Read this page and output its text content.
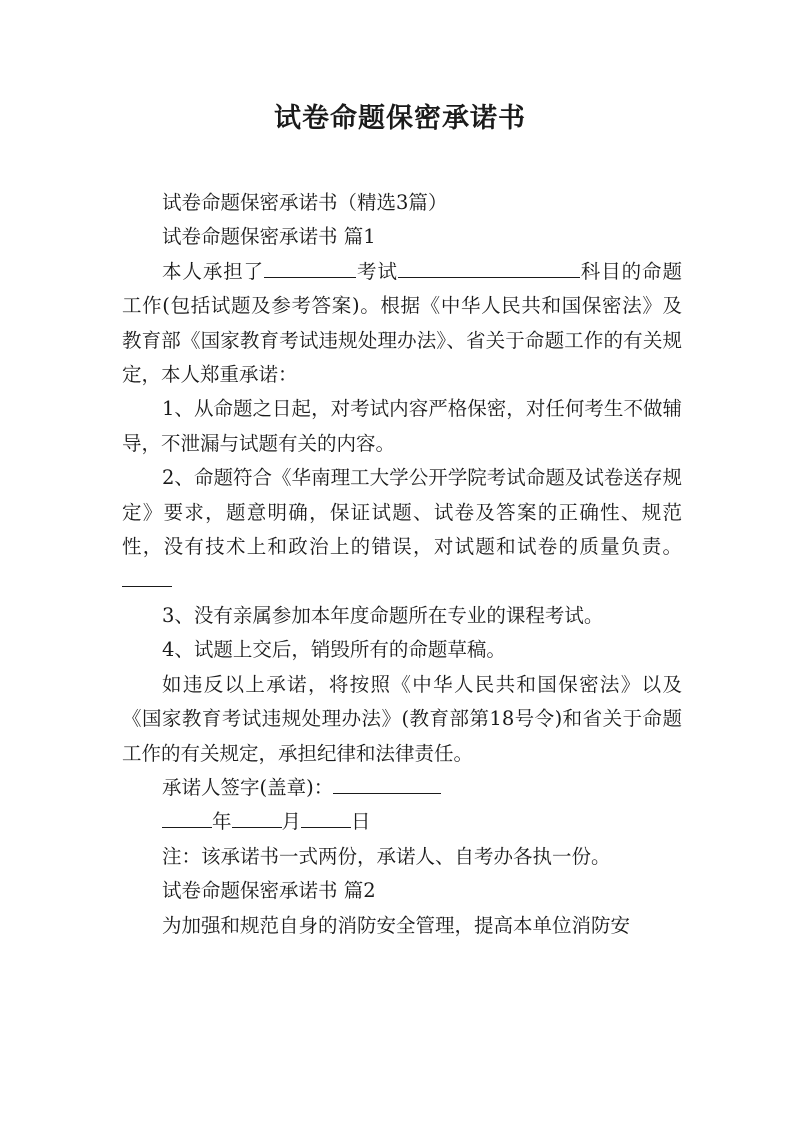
试卷命题保密承诺书

试卷命题保密承诺书（精选3篇）

试卷命题保密承诺书 篇1

本人承担了	考试	科目的命题工作(包括试题及参考答案)。根据《中华人民共和国保密法》及教育部《国家教育考试违规处理办法》、省关于命题工作的有关规定，本人郑重承诺：

1、从命题之日起，对考试内容严格保密，对任何考生不做辅导，不泄漏与试题有关的内容。

2、命题符合《华南理工大学公开学院考试命题及试卷送存规定》要求，题意明确，保证试题、试卷及答案的正确性、规范性，没有技术上和政治上的错误，对试题和试卷的质量负责。

3、没有亲属参加本年度命题所在专业的课程考试。

4、试题上交后，销毁所有的命题草稿。

如违反以上承诺，将按照《中华人民共和国保密法》以及《国家教育考试违规处理办法》(教育部第18号令)和省关于命题工作的有关规定，承担纪律和法律责任。

承诺人签字(盖章)：

年	月	日

注：该承诺书一式两份，承诺人、自考办各执一份。

试卷命题保密承诺书 篇2

为加强和规范自身的消防安全管理，提高本单位消防安
